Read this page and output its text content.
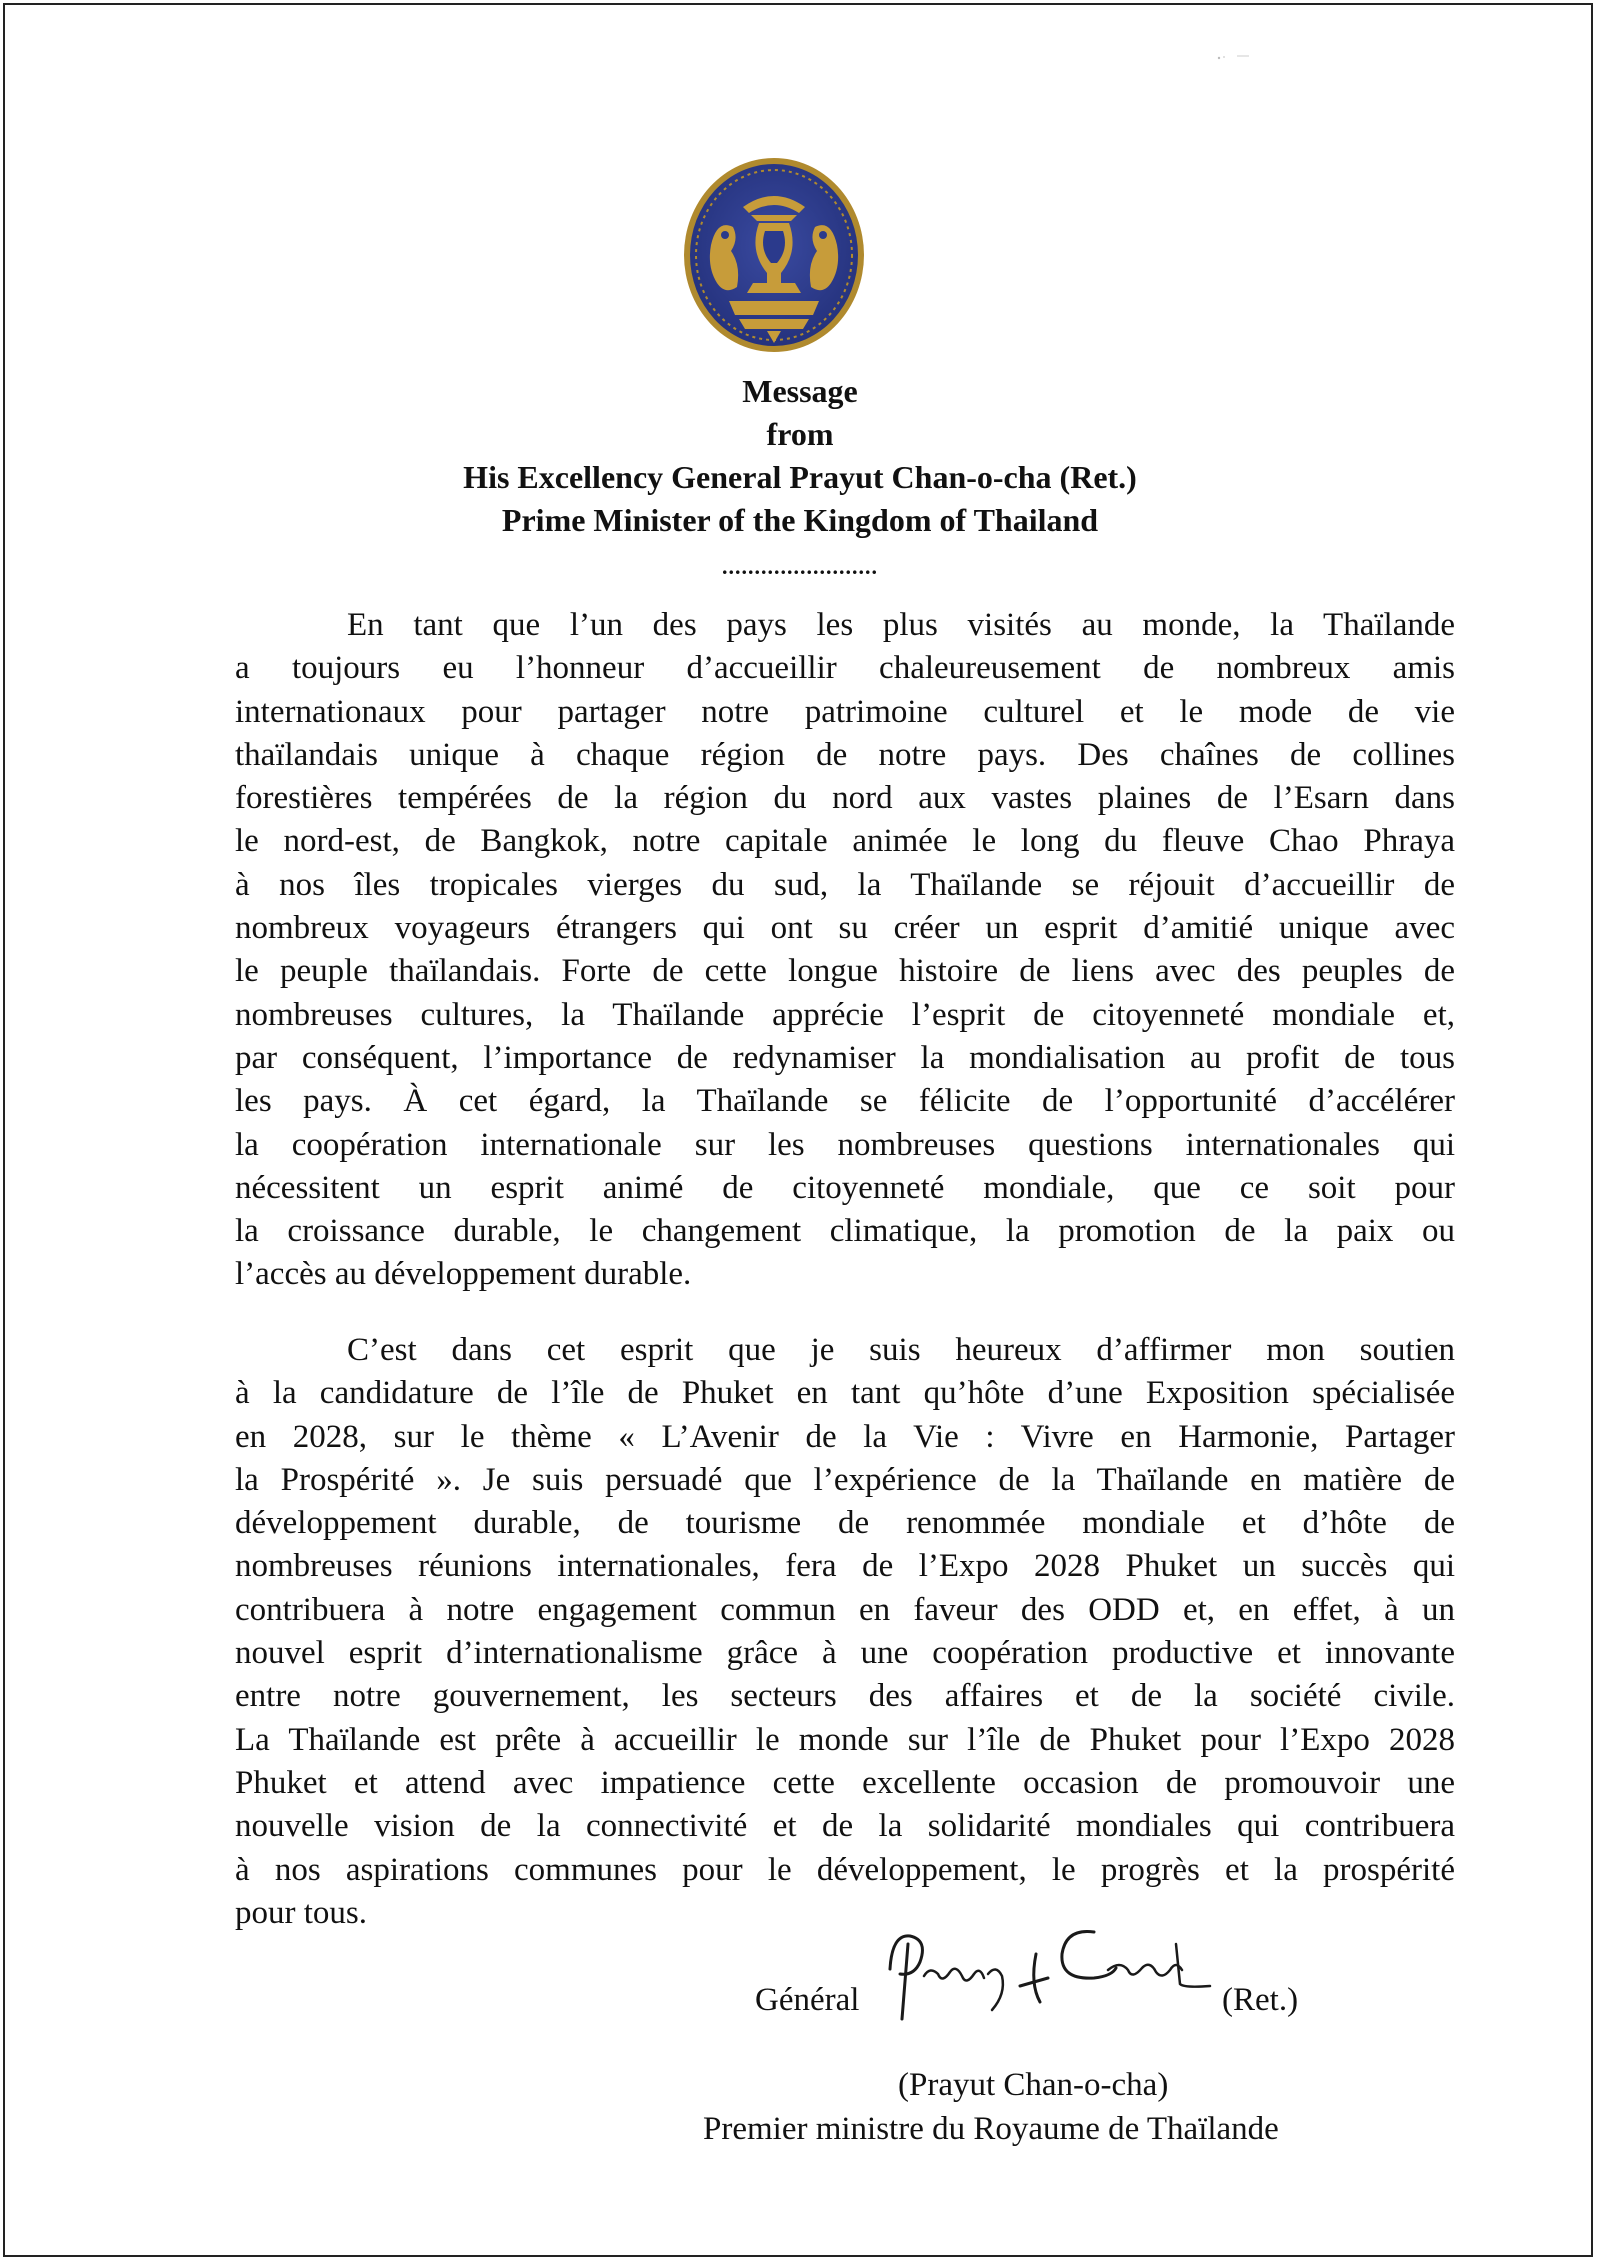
Message
from
His Excellency General Prayut Chan-o-cha (Ret.)
Prime Minister of the Kingdom of Thailand
........................
En tant que l’un des pays les plus visités au monde, la Thaïlande
a toujours eu l’honneur d’accueillir chaleureusement de nombreux amis
internationaux pour partager notre patrimoine culturel et le mode de vie
thaïlandais unique à chaque région de notre pays. Des chaînes de collines
forestières tempérées de la région du nord aux vastes plaines de l’Esarn dans
le nord-est, de Bangkok, notre capitale animée le long du fleuve Chao Phraya
à nos îles tropicales vierges du sud, la Thaïlande se réjouit d’accueillir de
nombreux voyageurs étrangers qui ont su créer un esprit d’amitié unique avec
le peuple thaïlandais. Forte de cette longue histoire de liens avec des peuples de
nombreuses cultures, la Thaïlande apprécie l’esprit de citoyenneté mondiale et,
par conséquent, l’importance de redynamiser la mondialisation au profit de tous
les pays. À cet égard, la Thaïlande se félicite de l’opportunité d’accélérer
la coopération internationale sur les nombreuses questions internationales qui
nécessitent un esprit animé de citoyenneté mondiale, que ce soit pour
la croissance durable, le changement climatique, la promotion de la paix ou
l’accès au développement durable.
C’est dans cet esprit que je suis heureux d’affirmer mon soutien
à la candidature de l’île de Phuket en tant qu’hôte d’une Exposition spécialisée
en 2028, sur le thème « L’Avenir de la Vie : Vivre en Harmonie, Partager
la Prospérité ». Je suis persuadé que l’expérience de la Thaïlande en matière de
développement durable, de tourisme de renommée mondiale et d’hôte de
nombreuses réunions internationales, fera de l’Expo 2028 Phuket un succès qui
contribuera à notre engagement commun en faveur des ODD et, en effet, à un
nouvel esprit d’internationalisme grâce à une coopération productive et innovante
entre notre gouvernement, les secteurs des affaires et de la société civile.
La Thaïlande est prête à accueillir le monde sur l’île de Phuket pour l’Expo 2028
Phuket et attend avec impatience cette excellente occasion de promouvoir une
nouvelle vision de la connectivité et de la solidarité mondiales qui contribuera
à nos aspirations communes pour le développement, le progrès et la prospérité
pour tous.
Général	(Ret.)
(Prayut Chan-o-cha)
Premier ministre du Royaume de Thaïlande
